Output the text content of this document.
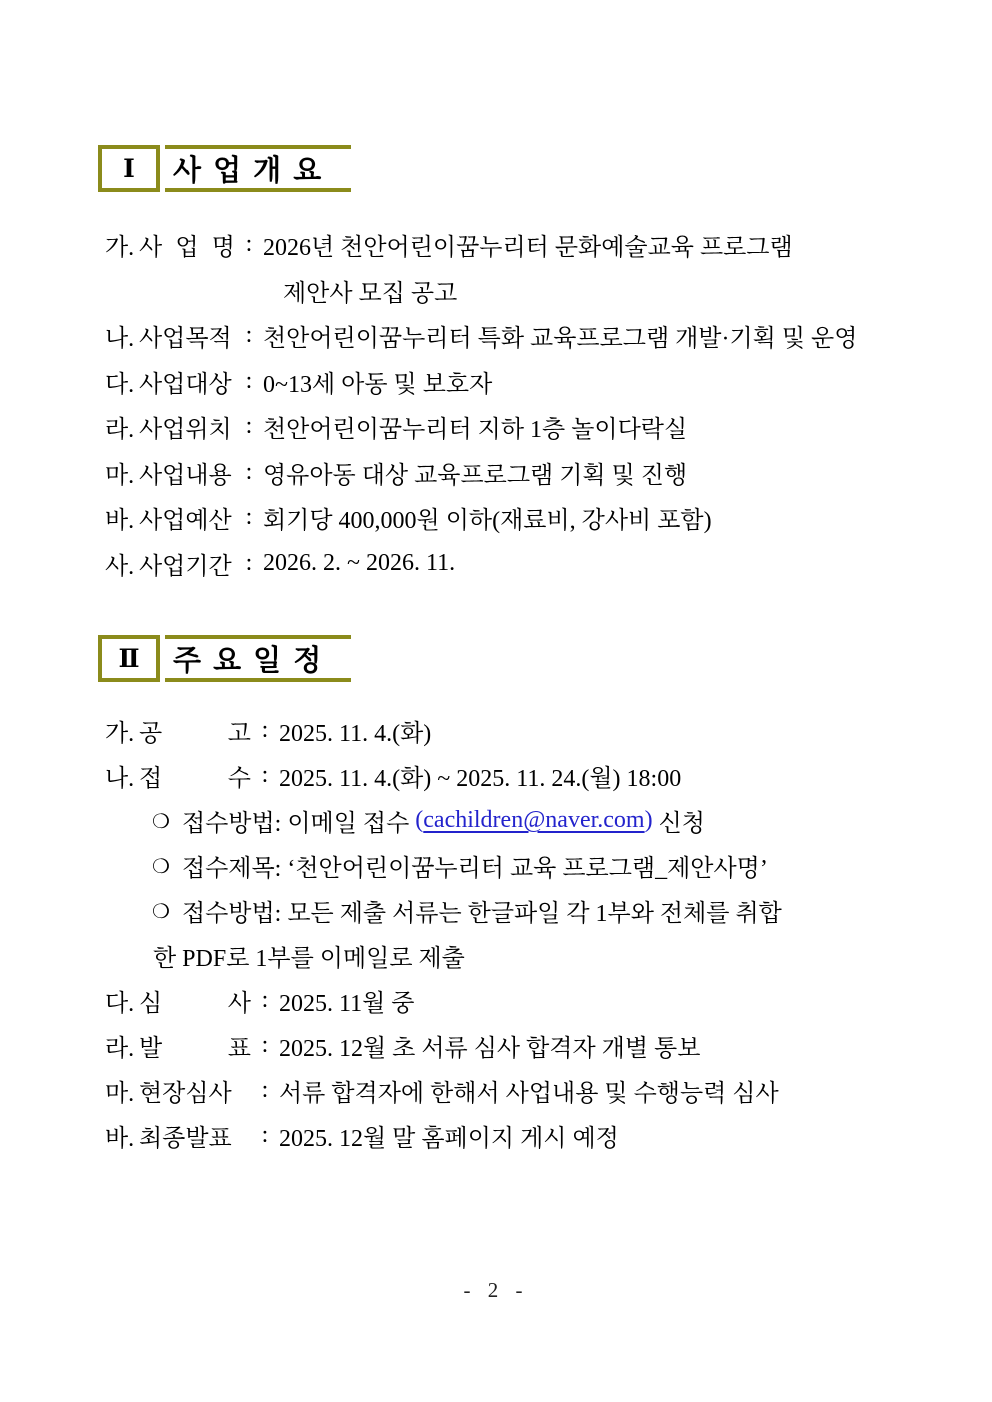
Ⅰ 사 업 개 요
가. 사 업 명 : 2026년 천안어린이꿈누리터 문화예술교육 프로그램
제안사 모집 공고
나. 사업목적 : 천안어린이꿈누리터 특화 교육프로그램 개발·기획 및 운영
다. 사업대상 : 0~13세 아동 및 보호자
라. 사업위치 : 천안어린이꿈누리터 지하 1층 놀이다락실
마. 사업내용 : 영유아동 대상 교육프로그램 기획 및 진행
바. 사업예산 : 회기당 400,000원 이하(재료비, 강사비 포함)
사. 사업기간 : 2026. 2. ~ 2026. 11.
Ⅱ 주 요 일 정
가. 공 고 : 2025. 11. 4.(화)
나. 접 수 : 2025. 11. 4.(화) ~ 2025. 11. 24.(월) 18:00
❍ 접수방법: 이메일 접수 ( cachildren@naver.com ) 신청
❍ 접수제목: ‘천안어린이꿈누리터 교육 프로그램_제안사명’
❍ 접수방법: 모든 제출 서류는 한글파일 각 1부와 전체를 취합
한 PDF로 1부를 이메일로 제출
다. 심 사 : 2025. 11월 중
라. 발 표 : 2025. 12월 초 서류 심사 합격자 개별 통보
마. 현장심사	: 서류 합격자에 한해서 사업내용 및 수행능력 심사
바. 최종발표	: 2025. 12월 말 홈페이지 게시 예정
- 2 -
